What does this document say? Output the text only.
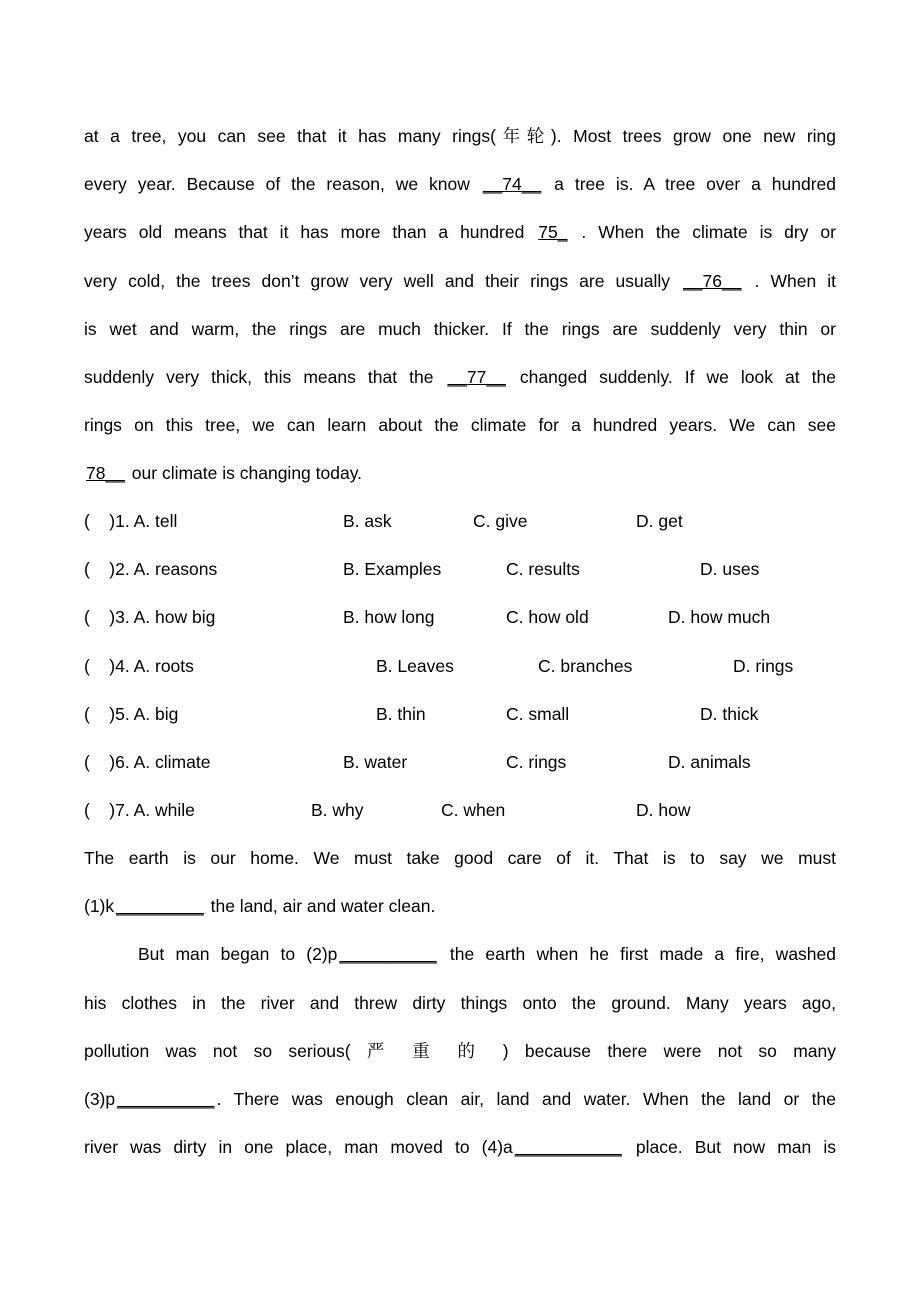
at a tree, you can see that it has many rings(年轮). Most trees grow one new ring
every year. Because of the reason, we know __74__ a tree is. A tree over a hundred
years old means that it has more than a hundred 75_ . When the climate is dry or
very cold, the trees don’t grow very well and their rings are usually __76__ . When it
is wet and warm, the rings are much thicker. If the rings are suddenly very thin or
suddenly very thick, this means that the __77__ changed suddenly. If we look at the
rings on this tree, we can learn about the climate for a hundred years. We can see
78__ our climate is changing today.
(    )1. A. tell	B. ask	C. give	D. get
(    )2. A. reasons	B. Examples	C. results	D. uses
(    )3. A. how big	B. how long	C. how old	D. how much
(    )4. A. roots	B. Leaves	C. branches	D. rings
(    )5. A. big	B. thin	C. small	D. thick
(    )6. A. climate	B. water	C. rings	D. animals
(    )7. A. while	B. why	C. when	D. how
The earth is our home. We must take good care of it. That is to say we must
(1)k _________ the land, air and water clean.
But man began to (2)p __________ the earth when he first made a fire, washed
his clothes in the river and threw dirty things onto the ground. Many years ago,
pollution was not so serious( 严 重 的 ) because there were not so many
(3)p __________ . There was enough clean air, land and water. When the land or the
river was dirty in one place, man moved to (4)a ___________ place. But now man is
